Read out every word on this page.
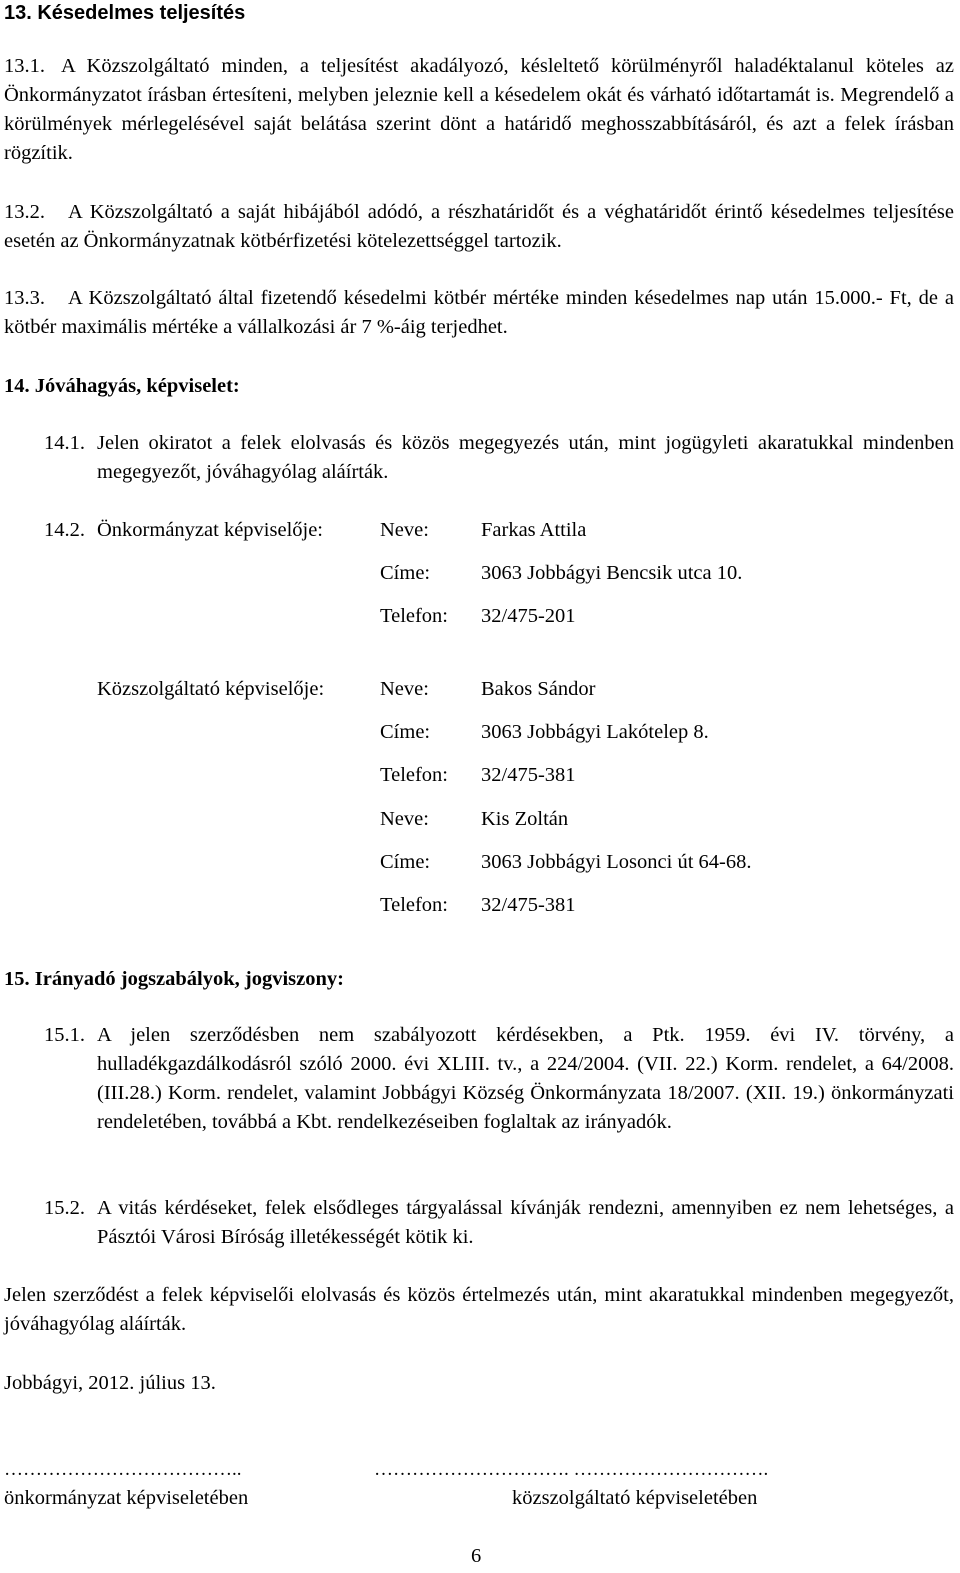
13. Késedelmes teljesítés
13.1. A Közszolgáltató minden, a teljesítést akadályozó, késleltető körülményről haladéktalanul köteles az Önkormányzatot írásban értesíteni, melyben jeleznie kell a késedelem okát és várható időtartamát is. Megrendelő a körülmények mérlegelésével saját belátása szerint dönt a határidő meghosszabbításáról, és azt a felek írásban rögzítik.
13.2.	A Közszolgáltató a saját hibájából adódó, a részhatáridőt és a véghatáridőt érintő késedelmes teljesítése esetén az Önkormányzatnak kötbérfizetési kötelezettséggel tartozik.
13.3.	A Közszolgáltató által fizetendő késedelmi kötbér mértéke minden késedelmes nap után 15.000.- Ft, de a kötbér maximális mértéke a vállalkozási ár 7 %-áig terjedhet.
14. Jóváhagyás, képviselet:
14.1. Jelen okiratot a felek elolvasás és közös megegyezés után, mint jogügyleti akaratukkal mindenben megegyezőt, jóváhagyólag aláírták.
14.2. Önkormányzat képviselője:	Neve:	Farkas Attila
Címe: 3063 Jobbágyi Bencsik utca 10.
Telefon: 32/475-201
Közszolgáltató képviselője:	Neve:	Bakos Sándor
Címe: 3063 Jobbágyi Lakótelep 8.
Telefon: 32/475-381
Neve:	Kis Zoltán
Címe: 3063 Jobbágyi Losonci út 64-68.
Telefon: 32/475-381
15. Irányadó jogszabályok, jogviszony:
15.1. A jelen szerződésben nem szabályozott kérdésekben, a Ptk. 1959. évi IV. törvény, a hulladékgazdálkodásról szóló 2000. évi XLIII. tv., a 224/2004. (VII. 22.) Korm. rendelet, a 64/2008. (III.28.) Korm. rendelet, valamint Jobbágyi Község Önkormányzata 18/2007. (XII. 19.) önkormányzati rendeletében, továbbá a Kbt. rendelkezéseiben foglaltak az irányadók.
15.2. A vitás kérdéseket, felek elsődleges tárgyalással kívánják rendezni, amennyiben ez nem lehetséges, a Pásztói Városi Bíróság illetékességét kötik ki.
Jelen szerződést a felek képviselői elolvasás és közös értelmezés után, mint akaratukkal mindenben megegyezőt, jóváhagyólag aláírták.
Jobbágyi, 2012. július 13.
………………………………..	…………………………. ………………………….
önkormányzat képviseletében	közszolgáltató képviseletében
6
